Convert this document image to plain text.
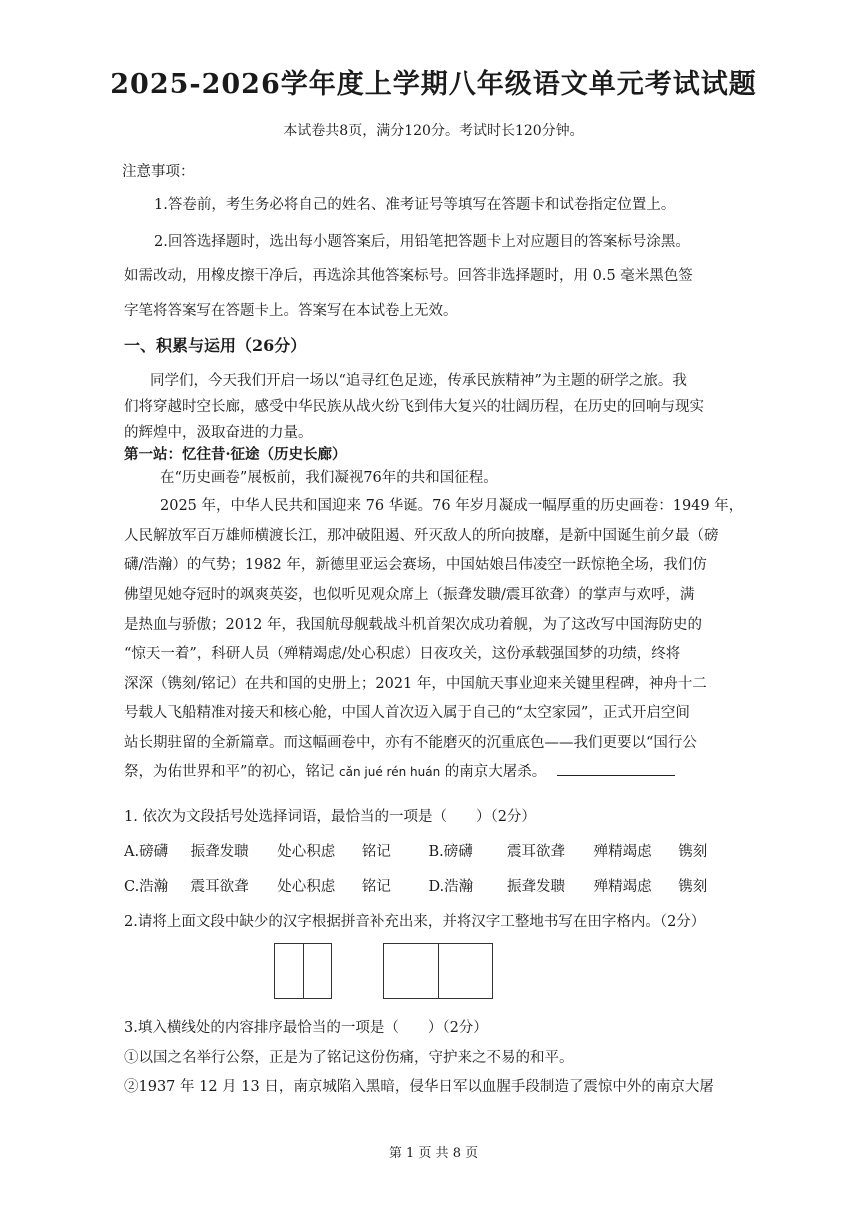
2025-2026学年度上学期八年级语文单元考试试题
本试卷共8页，满分120分。考试时长120分钟。
注意事项：
1.答卷前，考生务必将自己的姓名、准考证号等填写在答题卡和试卷指定位置上。
2.回答选择题时，选出每小题答案后，用铅笔把答题卡上对应题目的答案标号涂黑。
如需改动，用橡皮擦干净后，再选涂其他答案标号。回答非选择题时，用 0.5 毫米黑色签
字笔将答案写在答题卡上。答案写在本试卷上无效。
一、积累与运用（26分）
同学们，今天我们开启一场以“追寻红色足迹，传承民族精神”为主题的研学之旅。我
们将穿越时空长廊，感受中华民族从战火纷飞到伟大复兴的壮阔历程，在历史的回响与现实
的辉煌中，汲取奋进的力量。
第一站：忆往昔·征途（历史长廊）
在“历史画卷”展板前，我们凝视76年的共和国征程。
2025 年，中华人民共和国迎来 76 华诞。76 年岁月凝成一幅厚重的历史画卷：1949 年，
人民解放军百万雄师横渡长江，那冲破阻遏、歼灭敌人的所向披靡，是新中国诞生前夕最（磅
礴/浩瀚）的气势；1982 年，新德里亚运会赛场，中国姑娘吕伟凌空一跃惊艳全场，我们仿
佛望见她夺冠时的飒爽英姿，也似听见观众席上（振聋发聩/震耳欲聋）的掌声与欢呼，满
是热血与骄傲；2012 年，我国航母舰载战斗机首架次成功着舰，为了这改写中国海防史的
“惊天一着”，科研人员（殚精竭虑/处心积虑）日夜攻关，这份承载强国梦的功绩，终将
深深（镌刻/铭记）在共和国的史册上；2021 年，中国航天事业迎来关键里程碑，神舟十二
号载人飞船精准对接天和核心舱，中国人首次迈入属于自己的“太空家园”，正式开启空间
站长期驻留的全新篇章。而这幅画卷中，亦有不能磨灭的沉重底色——我们更要以“国行公
祭，为佑世界和平”的初心，铭记 cǎn jué rén huán 的南京大屠杀。
1. 依次为文段括号处选择词语，最恰当的一项是（　　）（2分）
A.磅礴 振聋发聩 处心积虑 铭记	B.磅礴 震耳欲聋 殚精竭虑 镌刻
C.浩瀚 震耳欲聋 处心积虑 铭记	D.浩瀚 振聋发聩 殚精竭虑 镌刻
2.请将上面文段中缺少的汉字根据拼音补充出来，并将汉字工整地书写在田字格内。（2分）
3.填入横线处的内容排序最恰当的一项是（　　）（2分）
①以国之名举行公祭，正是为了铭记这份伤痛，守护来之不易的和平。
②1937 年 12 月 13 日，南京城陷入黑暗，侵华日军以血腥手段制造了震惊中外的南京大屠
第 1 页 共 8 页
